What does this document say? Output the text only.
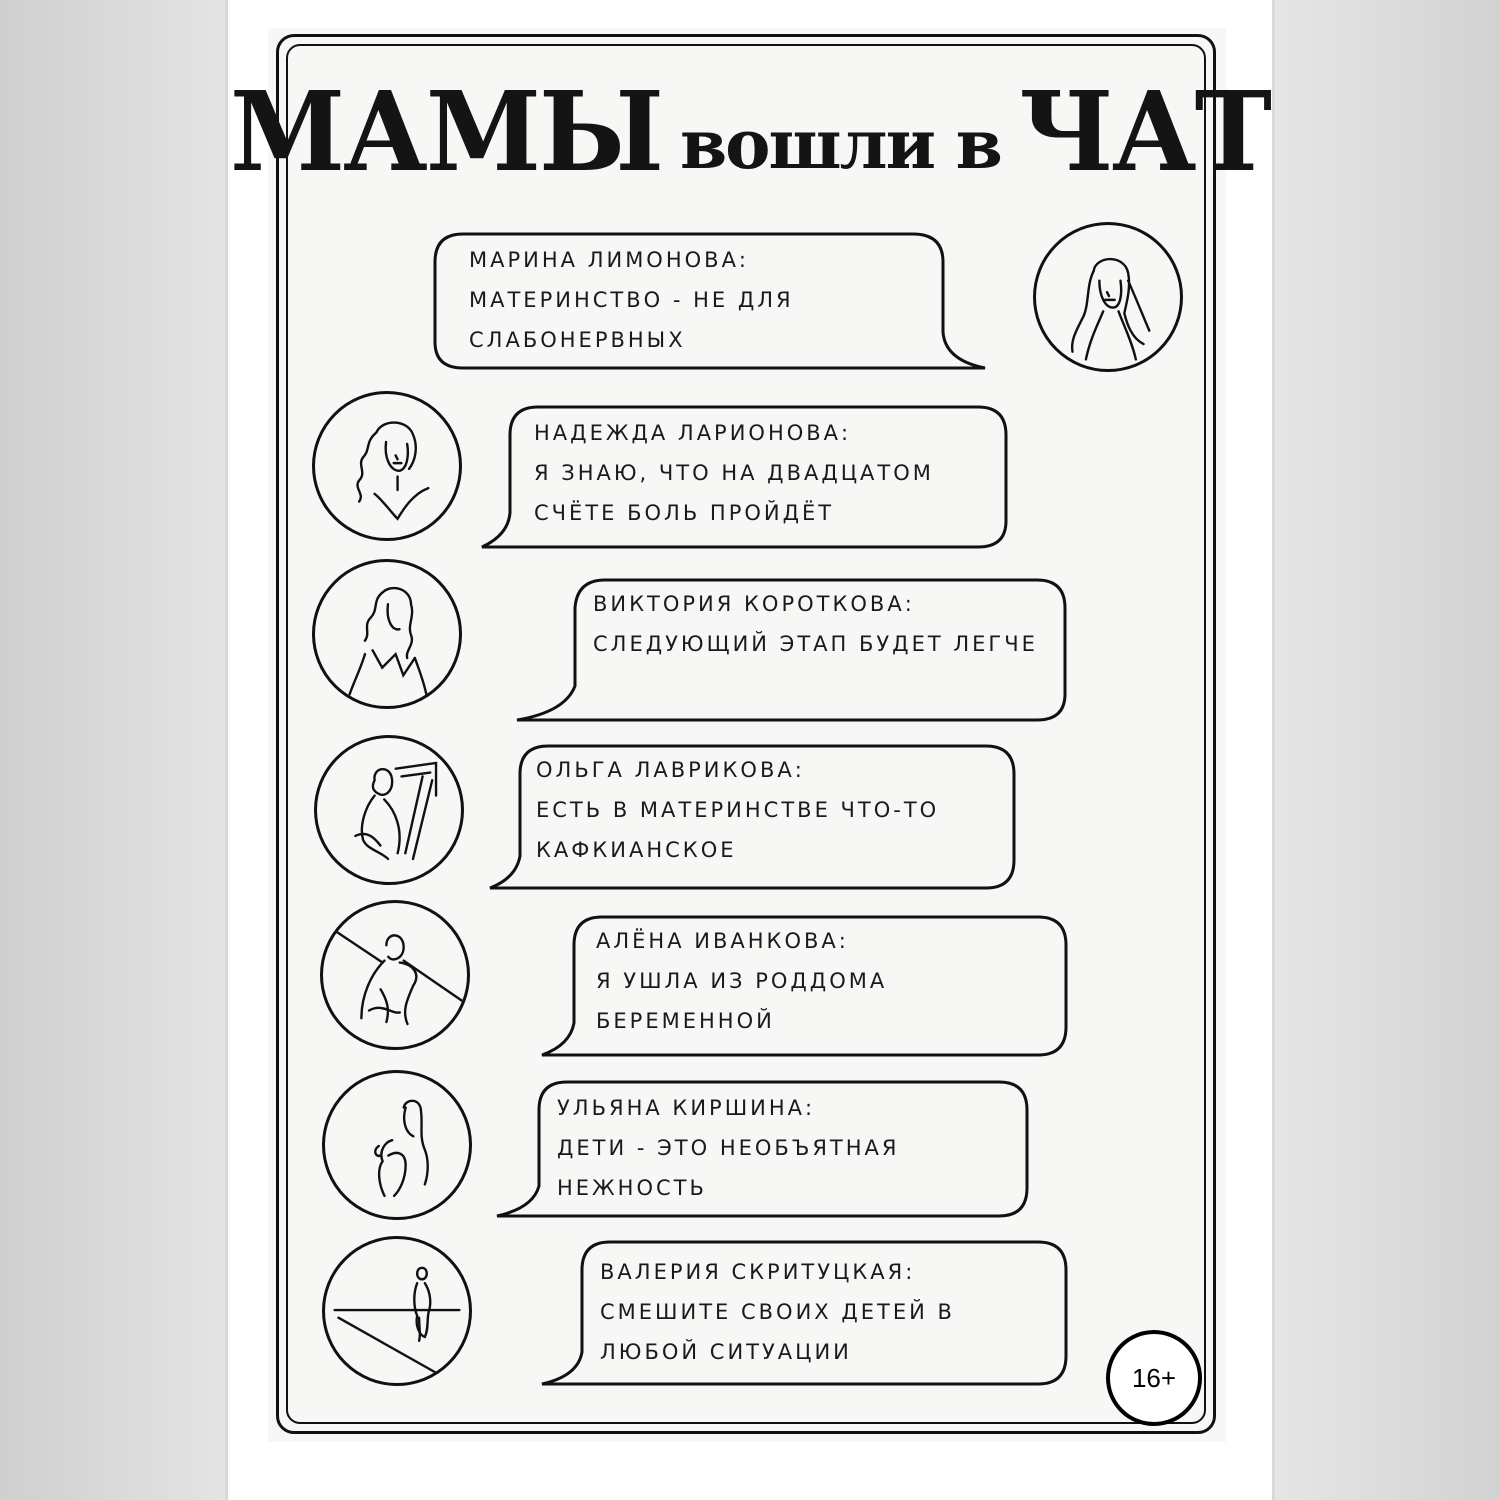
МАМЫ вошли в ЧАТ
МАРИНА ЛИМОНОВА:
МАТЕРИНСТВО - НЕ ДЛЯ СЛАБОНЕРВНЫХ
НАДЕЖДА ЛАРИОНОВА:
Я ЗНАЮ, ЧТО НА ДВАДЦАТОМ СЧЁТЕ БОЛЬ ПРОЙДЁТ
ВИКТОРИЯ КОРОТКОВА:
СЛЕДУЮЩИЙ ЭТАП БУДЕТ ЛЕГЧЕ
ОЛЬГА ЛАВРИКОВА:
ЕСТЬ В МАТЕРИНСТВЕ ЧТО-ТО КАФКИАНСКОЕ
АЛЁНА ИВАНКОВА:
Я УШЛА ИЗ РОДДОМА БЕРЕМЕННОЙ
УЛЬЯНА КИРШИНА:
ДЕТИ - ЭТО НЕОБЪЯТНАЯ НЕЖНОСТЬ
ВАЛЕРИЯ СКРИТУЦКАЯ:
СМЕШИТЕ СВОИХ ДЕТЕЙ В ЛЮБОЙ СИТУАЦИИ
16+
